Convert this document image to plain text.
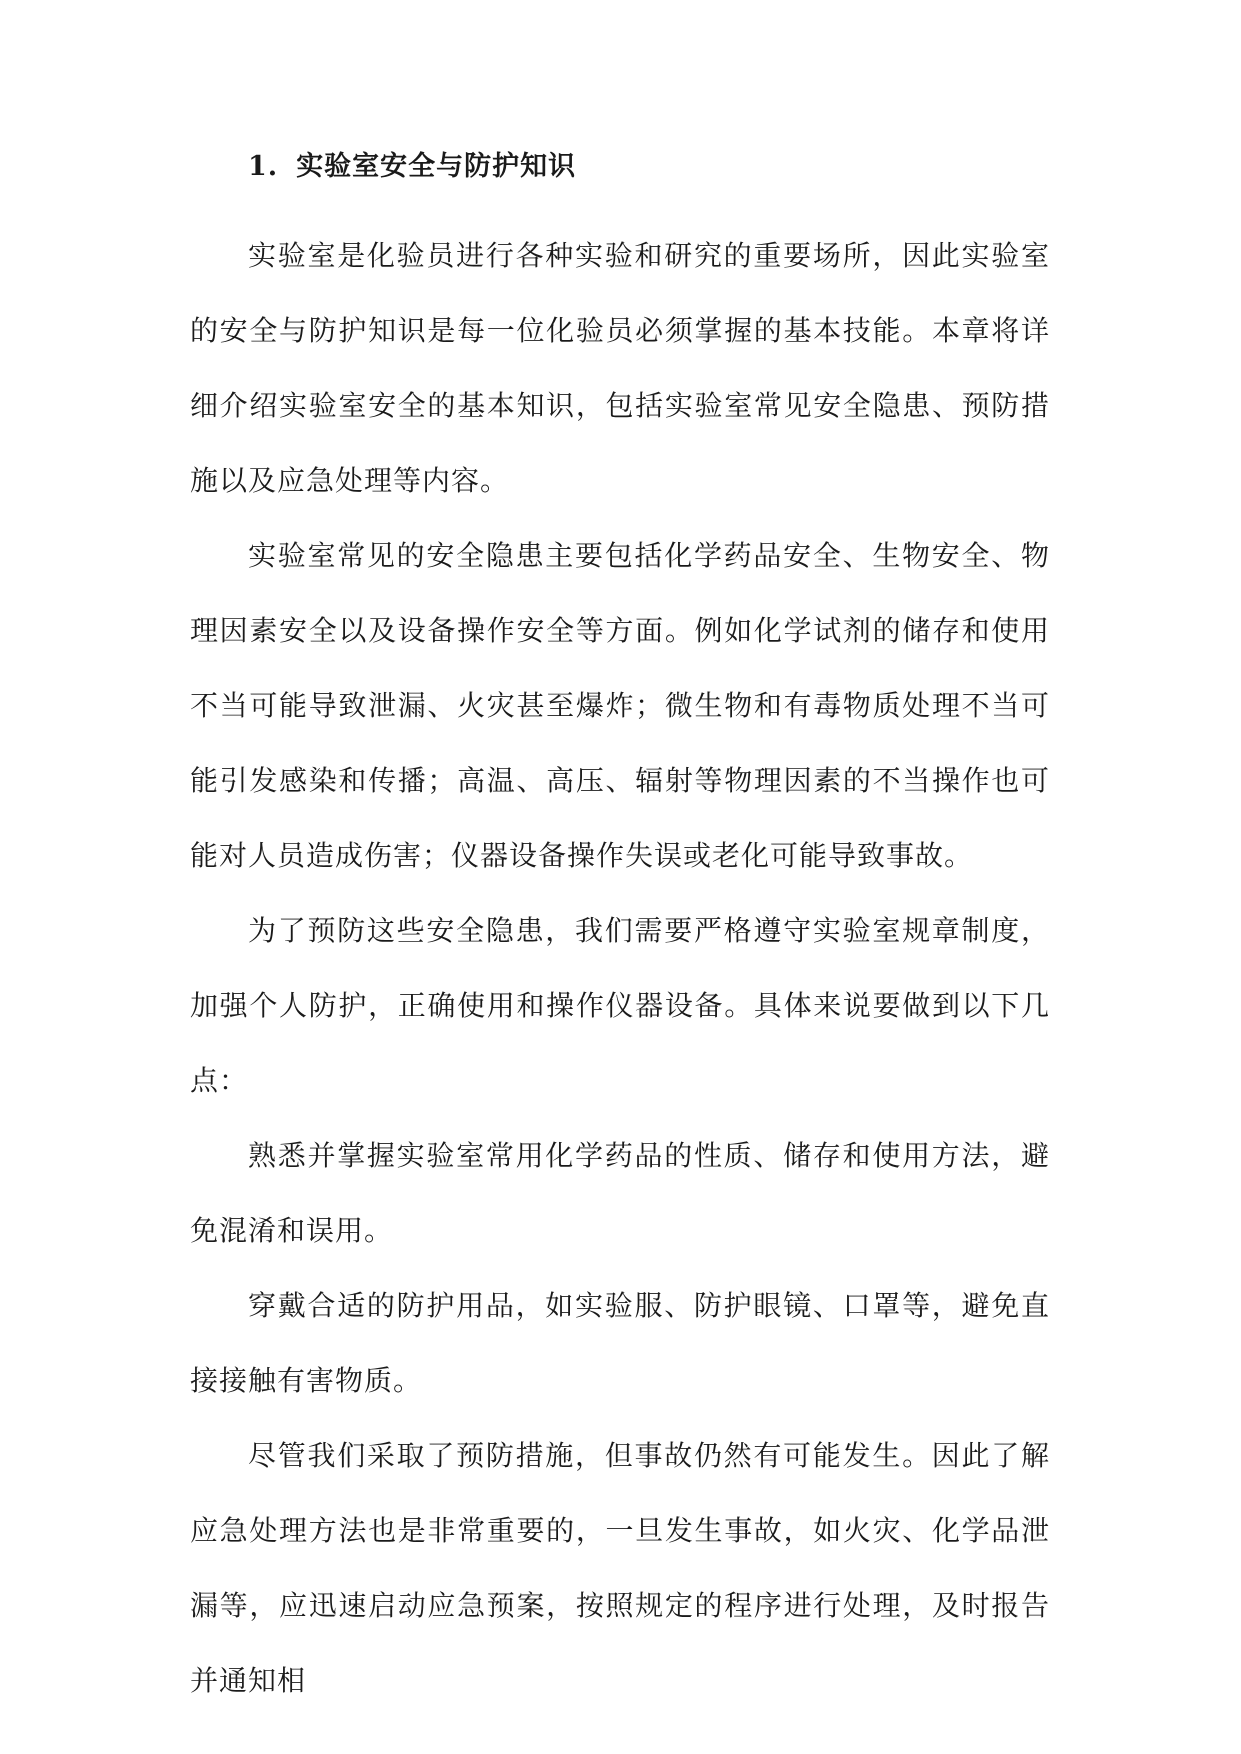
1. 实验室安全与防护知识

实验室是化验员进行各种实验和研究的重要场所，因此实验室的安全与防护知识是每一位化验员必须掌握的基本技能。本章将详细介绍实验室安全的基本知识，包括实验室常见安全隐患、预防措施以及应急处理等内容。

实验室常见的安全隐患主要包括化学药品安全、生物安全、物理因素安全以及设备操作安全等方面。例如化学试剂的储存和使用不当可能导致泄漏、火灾甚至爆炸；微生物和有毒物质处理不当可能引发感染和传播；高温、高压、辐射等物理因素的不当操作也可能对人员造成伤害；仪器设备操作失误或老化可能导致事故。

为了预防这些安全隐患，我们需要严格遵守实验室规章制度，加强个人防护，正确使用和操作仪器设备。具体来说要做到以下几点：

熟悉并掌握实验室常用化学药品的性质、储存和使用方法，避免混淆和误用。

穿戴合适的防护用品，如实验服、防护眼镜、口罩等，避免直接接触有害物质。

尽管我们采取了预防措施，但事故仍然有可能发生。因此了解应急处理方法也是非常重要的，一旦发生事故，如火灾、化学品泄漏等，应迅速启动应急预案，按照规定的程序进行处理，及时报告并通知相
